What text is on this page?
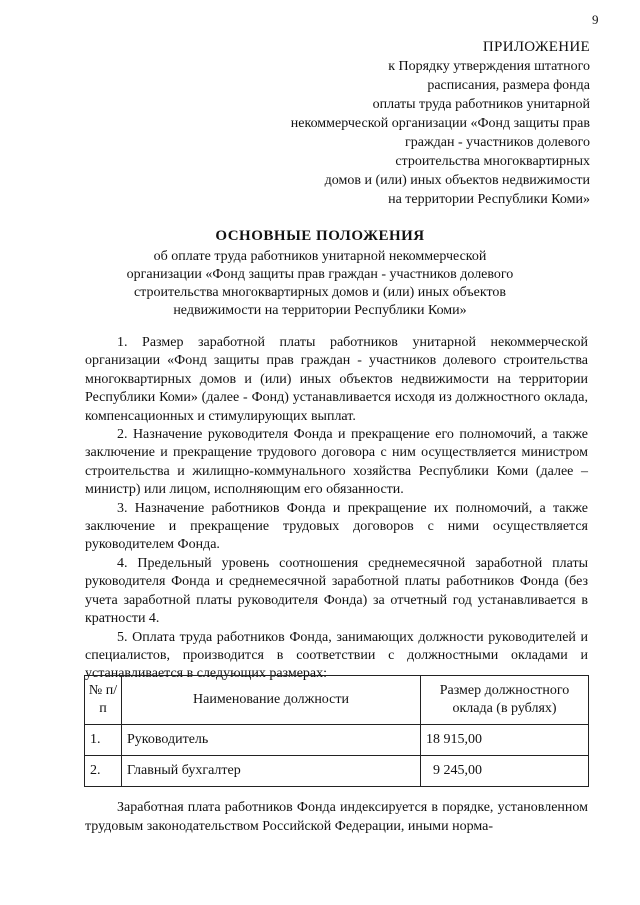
9
ПРИЛОЖЕНИЕ
к Порядку утверждения штатного
расписания, размера фонда
оплаты труда работников унитарной
некоммерческой организации «Фонд защиты прав
граждан - участников долевого
строительства многоквартирных
домов и (или) иных объектов недвижимости
на территории Республики Коми»
ОСНОВНЫЕ ПОЛОЖЕНИЯ
об оплате труда работников унитарной некоммерческой
организации «Фонд защиты прав граждан - участников долевого
строительства многоквартирных домов и (или) иных объектов
недвижимости на территории Республики Коми»

1. Размер заработной платы работников унитарной некоммерческой организации «Фонд защиты прав граждан - участников долевого строительства многоквартирных домов и (или) иных объектов недвижимости на территории Республики Коми» (далее - Фонд) устанавливается исходя из должностного оклада, компенсационных и стимулирующих выплат.

2. Назначение руководителя Фонда и прекращение его полномочий, а также заключение и прекращение трудового договора с ним осуществляется министром строительства и жилищно-коммунального хозяйства Республики Коми (далее – министр) или лицом, исполняющим его обязанности.

3. Назначение работников Фонда и прекращение их полномочий, а также заключение и прекращение трудовых договоров с ними осуществляется руководителем Фонда.

4. Предельный уровень соотношения среднемесячной заработной платы руководителя Фонда и среднемесячной заработной платы работников Фонда (без учета заработной платы руководителя Фонда) за отчетный год устанавливается в кратности 4.

5. Оплата труда работников Фонда, занимающих должности руководителей и специалистов, производится в соответствии с должностными окладами и устанавливается в следующих размерах:

№ п/п	Наименование должности	Размер должностного оклада (в рублях)
1.	Руководитель	18 915,00
2.	Главный бухгалтер	9 245,00

Заработная плата работников Фонда индексируется в порядке, установленном трудовым законодательством Российской Федерации, иными норма-
